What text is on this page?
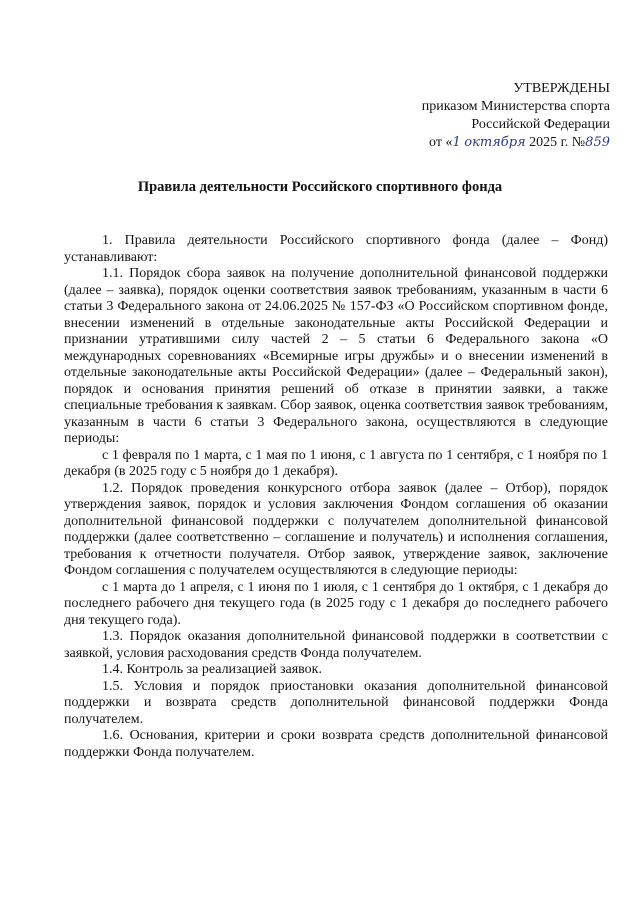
УТВЕРЖДЕНЫ
приказом Министерства спорта
Российской Федерации
от «1 октября 2025 г. №859
Правила деятельности Российского спортивного фонда

1. Правила деятельности Российского спортивного фонда (далее – Фонд) устанавливают:

1.1. Порядок сбора заявок на получение дополнительной финансовой поддержки (далее – заявка), порядок оценки соответствия заявок требованиям, указанным в части 6 статьи 3 Федерального закона от 24.06.2025 № 157-ФЗ «О Российском спортивном фонде, внесении изменений в отдельные законодательные акты Российской Федерации и признании утратившими силу частей 2 – 5 статьи 6 Федерального закона «О международных соревнованиях «Всемирные игры дружбы» и о внесении изменений в отдельные законодательные акты Российской Федерации» (далее – Федеральный закон), порядок и основания принятия решений об отказе в принятии заявки, а также специальные требования к заявкам. Сбор заявок, оценка соответствия заявок требованиям, указанным в части 6 статьи 3 Федерального закона, осуществляются в следующие периоды:

с 1 февраля по 1 марта, с 1 мая по 1 июня, с 1 августа по 1 сентября, с 1 ноября по 1 декабря (в 2025 году с 5 ноября до 1 декабря).

1.2. Порядок проведения конкурсного отбора заявок (далее – Отбор), порядок утверждения заявок, порядок и условия заключения Фондом соглашения об оказании дополнительной финансовой поддержки с получателем дополнительной финансовой поддержки (далее соответственно – соглашение и получатель) и исполнения соглашения, требования к отчетности получателя. Отбор заявок, утверждение заявок, заключение Фондом соглашения с получателем осуществляются в следующие периоды:

с 1 марта до 1 апреля, с 1 июня по 1 июля, с 1 сентября до 1 октября, с 1 декабря до последнего рабочего дня текущего года (в 2025 году с 1 декабря до последнего рабочего дня текущего года).

1.3. Порядок оказания дополнительной финансовой поддержки в соответствии с заявкой, условия расходования средств Фонда получателем.

1.4. Контроль за реализацией заявок.

1.5. Условия и порядок приостановки оказания дополнительной финансовой поддержки и возврата средств дополнительной финансовой поддержки Фонда получателем.

1.6. Основания, критерии и сроки возврата средств дополнительной финансовой поддержки Фонда получателем.
